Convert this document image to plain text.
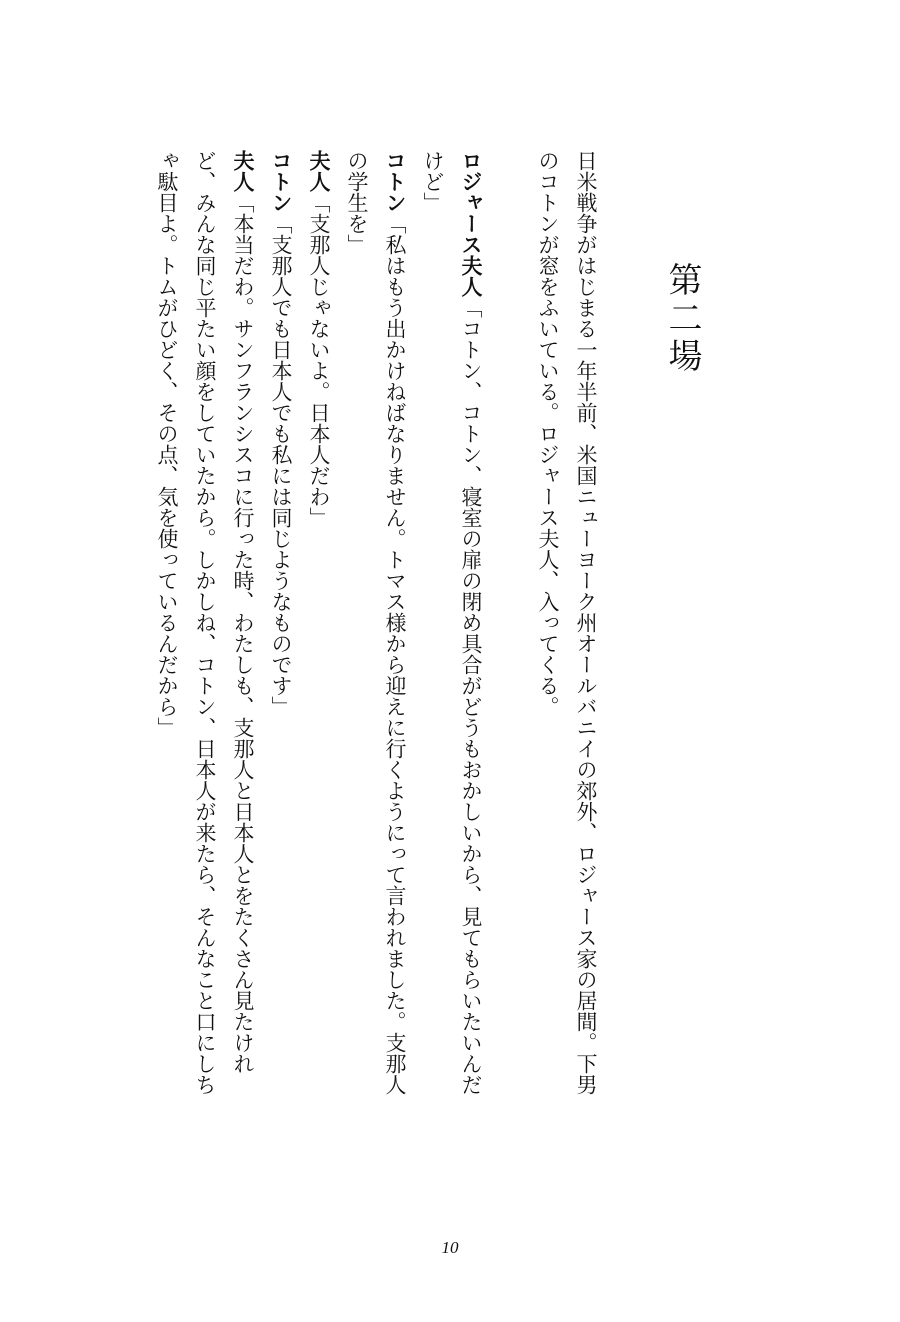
第二場

日米戦争がはじまる一年半前、米国ニューヨーク州オールバニイの郊外、ロジャース家の居間。下男のコトンが窓をふいている。ロジャース夫人、入ってくる。

ロジャース夫人「コトン、コトン、寝室の扉の閉め具合がどうもおかしいから、見てもらいたいんだけど」

コトン「私はもう出かけねばなりません。トマス様から迎えに行くようにって言われました。支那人の学生を」

夫人「支那人じゃないよ。日本人だわ」

コトン「支那人でも日本人でも私には同じようなものです」

夫人「本当だわ。サンフランシスコに行った時、わたしも、支那人と日本人とをたくさん見たけれど、みんな同じ平たい顔をしていたから。しかしね、コトン、日本人が来たら、そんなこと口にしちゃ駄目よ。トムがひどく、その点、気を使っているんだから」

10
